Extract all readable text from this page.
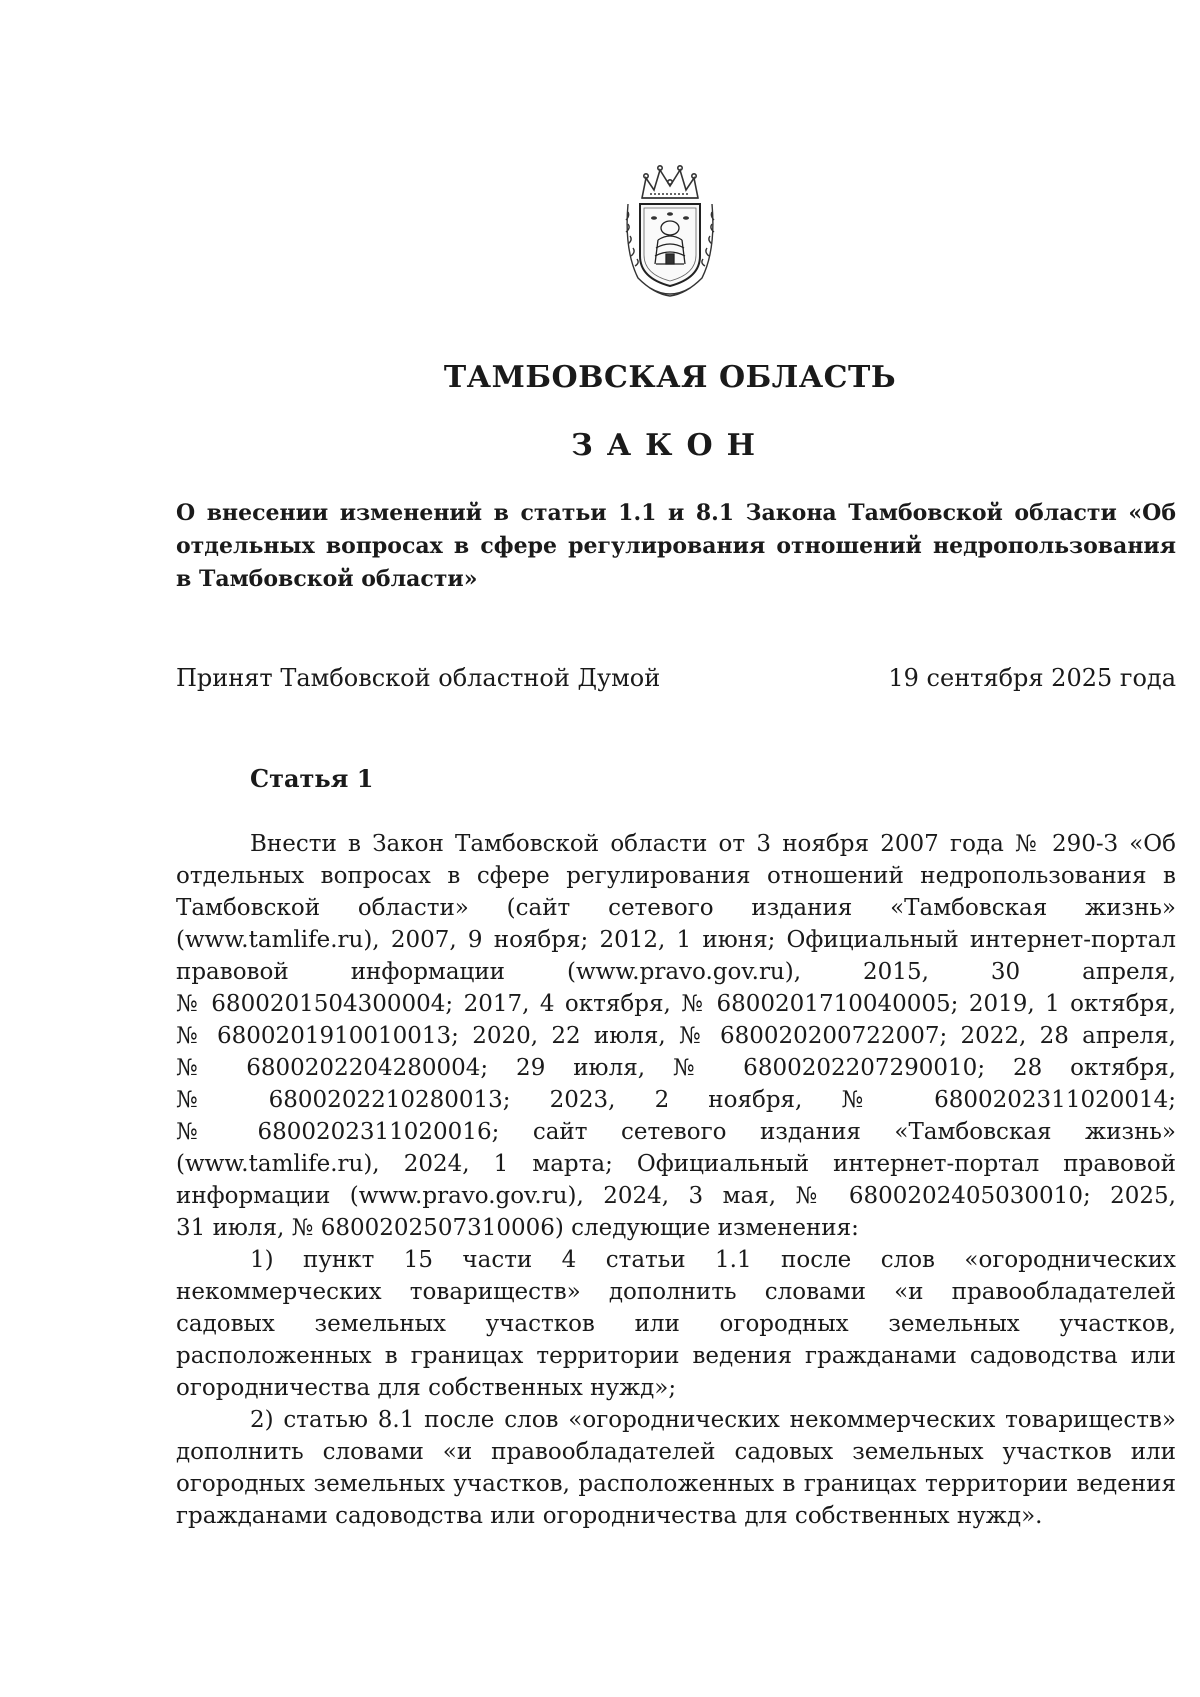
ТАМБОВСКАЯ ОБЛАСТЬ
ЗАКОН

О внесении изменений в статьи 1.1 и 8.1 Закона Тамбовской области «Об
отдельных вопросах в сфере регулирования отношений недропользования
в Тамбовской области»

Принят Тамбовской областной Думой	19 сентября 2025 года
Статья 1

Внести в Закон Тамбовской области от 3 ноября 2007 года № 290-З «Об
отдельных вопросах в сфере регулирования отношений недропользования в
Тамбовской области» (сайт сетевого издания «Тамбовская жизнь»
(www.tamlife.ru), 2007, 9 ноября; 2012, 1 июня; Официальный интернет-портал
правовой информации (www.pravo.gov.ru), 2015, 30 апреля,
№ 6800201504300004; 2017, 4 октября, № 6800201710040005; 2019, 1 октября,
№ 6800201910010013; 2020, 22 июля, № 680020200722007; 2022, 28 апреля,
№ 6800202204280004; 29 июля, № 6800202207290010; 28 октября,
№ 6800202210280013; 2023, 2 ноября, № 6800202311020014;
№ 6800202311020016; сайт сетевого издания «Тамбовская жизнь»
(www.tamlife.ru), 2024, 1 марта; Официальный интернет-портал правовой
информации (www.pravo.gov.ru), 2024, 3 мая, № 6800202405030010; 2025,
31 июля, № 6800202507310006) следующие изменения:
1) пункт 15 части 4 статьи 1.1 после слов «огороднических
некоммерческих товариществ» дополнить словами «и правообладателей
садовых земельных участков или огородных земельных участков,
расположенных в границах территории ведения гражданами садоводства или
огородничества для собственных нужд»;
2) статью 8.1 после слов «огороднических некоммерческих товариществ»
дополнить словами «и правообладателей садовых земельных участков или
огородных земельных участков, расположенных в границах территории ведения
гражданами садоводства или огородничества для собственных нужд».
